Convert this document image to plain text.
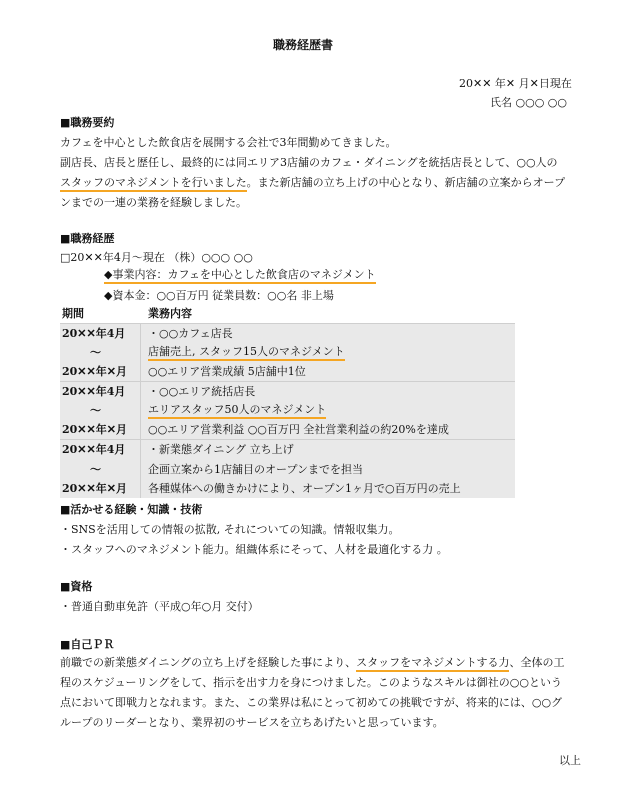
職務経歴書
20✕✕ 年✕ 月✕日現在
氏名 ○○○ ○○
■職務要約
カフェを中心とした飲食店を展開する会社で3年間勤めてきました。
副店長、店長と歴任し、最終的には同エリア3店舗のカフェ・ダイニングを統括店長として、○○人の
スタッフのマネジメントを行いました。また新店舗の立ち上げの中心となり、新店舗の立案からオープ
ンまでの一連の業務を経験しました。
■職務経歴
□20✕✕年4月～現在 （株）○○○ ○○
◆事業内容：カフェを中心とした飲食店のマネジメント
◆資本金：○○百万円 従業員数：○○名 非上場
期間	業務内容
20✕✕年4月 ・○○カフェ店長
～	店舗売上, スタッフ15人のマネジメント
20✕✕年✕月 ○○エリア営業成績 5店舗中1位
20✕✕年4月 ・○○エリア統括店長
～	エリアスタッフ50人のマネジメント
20✕✕年✕月 ○○エリア営業利益 ○○百万円 全社営業利益の約20%を達成
20✕✕年4月 ・新業態ダイニング 立ち上げ
～	企画立案から1店舗目のオープンまでを担当
20✕✕年✕月 各種媒体への働きかけにより、オープン1ヶ月で○百万円の売上
■活かせる経験・知識・技術
・SNSを活用しての情報の拡散, それについての知識。情報収集力。
・スタッフへのマネジメント能力。組織体系にそって、人材を最適化する力 。
■資格
・普通自動車免許（平成○年○月 交付）
■自己ＰＲ
前職での新業態ダイニングの立ち上げを経験した事により、スタッフをマネジメントする力、全体の工
程のスケジューリングをして、指示を出す力を身につけました。このようなスキルは御社の○○という
点において即戦力となれます。また、この業界は私にとって初めての挑戦ですが、将来的には、○○グ
ループのリーダーとなり、業界初のサービスを立ちあげたいと思っています。
以上
